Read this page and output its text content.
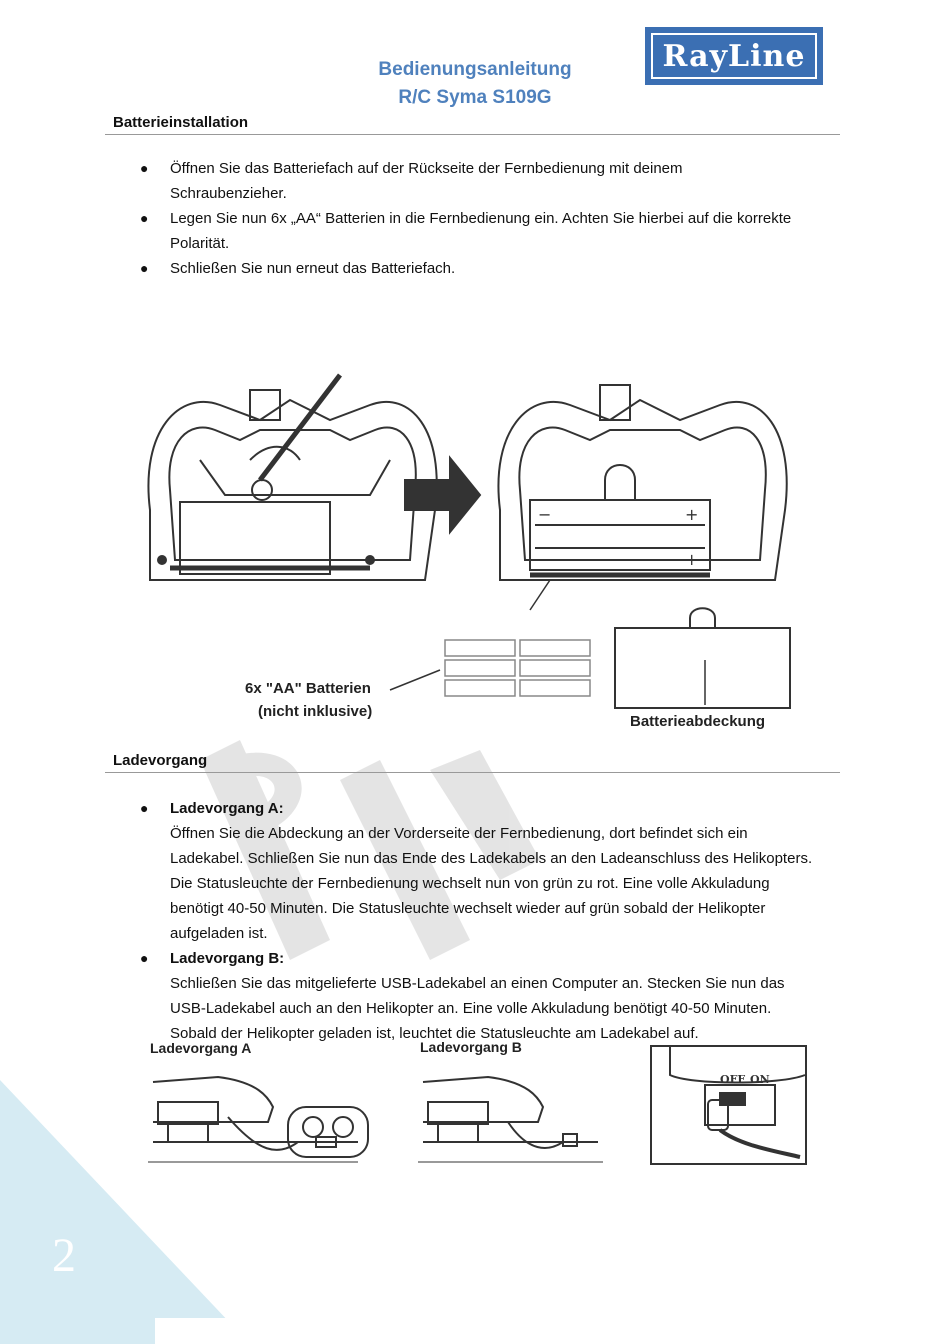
2
Bedienungsanleitung
R/C Syma S109G
RayLine
Batterieinstallation
● Öffnen Sie das Batteriefach auf der Rückseite der Fernbedienung mit deinem
Schraubenzieher.
● Legen Sie nun 6x „AA“ Batterien in die Fernbedienung ein. Achten Sie hierbei auf die korrekte
Polarität.
● Schließen Sie nun erneut das Batteriefach.
−	+
−	+
6x "AA" Batterien
(nicht inklusive)
Batterieabdeckung
Ladevorgang
● Ladevorgang A:
Öffnen Sie die Abdeckung an der Vorderseite der Fernbedienung, dort befindet sich ein
Ladekabel. Schließen Sie nun das Ende des Ladekabels an den Ladeanschluss des Helikopters.
Die Statusleuchte der Fernbedienung wechselt nun von grün zu rot. Eine volle Akkuladung
benötigt 40-50 Minuten. Die Statusleuchte wechselt wieder auf grün sobald der Helikopter
aufgeladen ist.
● Ladevorgang B:
Schließen Sie das mitgelieferte USB-Ladekabel an einen Computer an. Stecken Sie nun das
USB-Ladekabel auch an den Helikopter an. Eine volle Akkuladung benötigt 40-50 Minuten.
Sobald der Helikopter geladen ist, leuchtet die Statusleuchte am Ladekabel auf.
Ladevorgang A	Ladevorgang B
OFF ON
